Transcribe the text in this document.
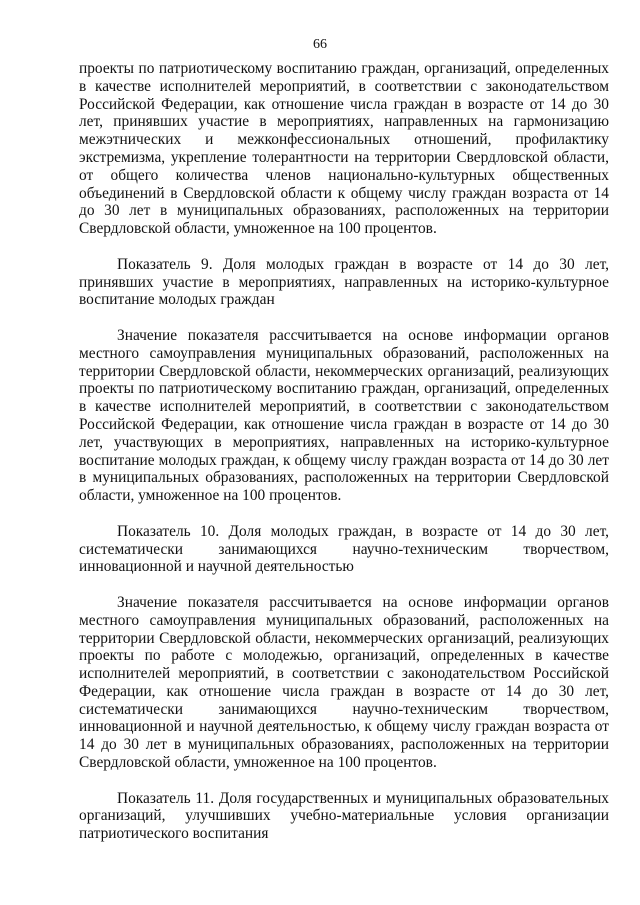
66

проекты по патриотическому воспитанию граждан, организаций, определенных в качестве исполнителей мероприятий, в соответствии с законодательством Российской Федерации, как отношение числа граждан в возрасте от 14 до 30 лет, принявших участие в мероприятиях, направленных на гармонизацию межэтнических и межконфессиональных отношений, профилактику экстремизма, укрепление толерантности на территории Свердловской области, от общего количества членов национально-культурных общественных объединений в Свердловской области к общему числу граждан возраста от 14 до 30 лет в муниципальных образованиях, расположенных на территории Свердловской области, умноженное на 100 процентов.

Показатель 9. Доля молодых граждан в возрасте от 14 до 30 лет, принявших участие в мероприятиях, направленных на историко-культурное воспитание молодых граждан

Значение показателя рассчитывается на основе информации органов местного самоуправления муниципальных образований, расположенных на территории Свердловской области, некоммерческих организаций, реализующих проекты по патриотическому воспитанию граждан, организаций, определенных в качестве исполнителей мероприятий, в соответствии с законодательством Российской Федерации, как отношение числа граждан в возрасте от 14 до 30 лет, участвующих в мероприятиях, направленных на историко-культурное воспитание молодых граждан, к общему числу граждан возраста от 14 до 30 лет в муниципальных образованиях, расположенных на территории Свердловской области, умноженное на 100 процентов.

Показатель 10. Доля молодых граждан, в возрасте от 14 до 30 лет, систематически занимающихся научно-техническим творчеством, инновационной и научной деятельностью

Значение показателя рассчитывается на основе информации органов местного самоуправления муниципальных образований, расположенных на территории Свердловской области, некоммерческих организаций, реализующих проекты по работе с молодежью, организаций, определенных в качестве исполнителей мероприятий, в соответствии с законодательством Российской Федерации, как отношение числа граждан в возрасте от 14 до 30 лет, систематически занимающихся научно-техническим творчеством, инновационной и научной деятельностью, к общему числу граждан возраста от 14 до 30 лет в муниципальных образованиях, расположенных на территории Свердловской области, умноженное на 100 процентов.

Показатель 11. Доля государственных и муниципальных образовательных организаций, улучшивших учебно-материальные условия организации патриотического воспитания
